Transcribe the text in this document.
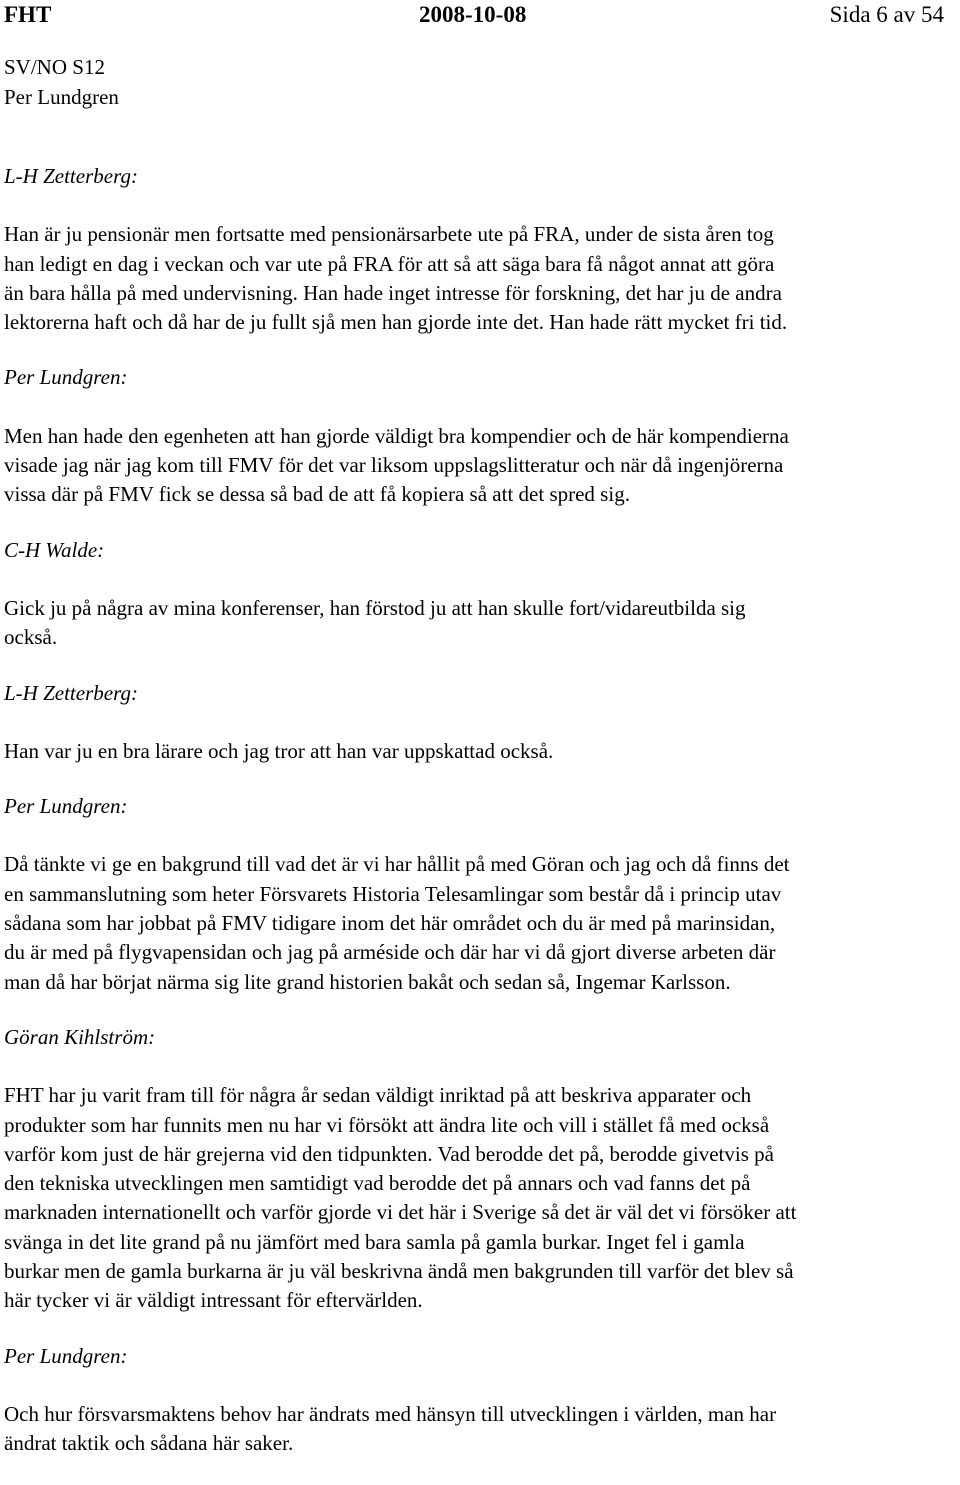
FHT	2008-10-08	Sida 6 av 54
SV/NO S12
Per Lundgren
L-H Zetterberg:
Han är ju pensionär men fortsatte med pensionärsarbete ute på FRA, under de sista åren tog
han ledigt en dag i veckan och var ute på FRA för att så att säga bara få något annat att göra
än bara hålla på med undervisning. Han hade inget intresse för forskning, det har ju de andra
lektorerna haft och då har de ju fullt sjå men han gjorde inte det. Han hade rätt mycket fri tid.
Per Lundgren:
Men han hade den egenheten att han gjorde väldigt bra kompendier och de här kompendierna
visade jag när jag kom till FMV för det var liksom uppslagslitteratur och när då ingenjörerna
vissa där på FMV fick se dessa så bad de att få kopiera så att det spred sig.
C-H Walde:
Gick ju på några av mina konferenser, han förstod ju att han skulle fort/vidareutbilda sig
också.
L-H Zetterberg:
Han var ju en bra lärare och jag tror att han var uppskattad också.
Per Lundgren:
Då tänkte vi ge en bakgrund till vad det är vi har hållit på med Göran och jag och då finns det
en sammanslutning som heter Försvarets Historia Telesamlingar som består då i princip utav
sådana som har jobbat på FMV tidigare inom det här området och du är med på marinsidan,
du är med på flygvapensidan och jag på arméside och där har vi då gjort diverse arbeten där
man då har börjat närma sig lite grand historien bakåt och sedan så, Ingemar Karlsson.
Göran Kihlström:
FHT har ju varit fram till för några år sedan väldigt inriktad på att beskriva apparater och
produkter som har funnits men nu har vi försökt att ändra lite och vill i stället få med också
varför kom just de här grejerna vid den tidpunkten. Vad berodde det på, berodde givetvis på
den tekniska utvecklingen men samtidigt vad berodde det på annars och vad fanns det på
marknaden internationellt och varför gjorde vi det här i Sverige så det är väl det vi försöker att
svänga in det lite grand på nu jämfört med bara samla på gamla burkar. Inget fel i gamla
burkar men de gamla burkarna är ju väl beskrivna ändå men bakgrunden till varför det blev så
här tycker vi är väldigt intressant för eftervärlden.
Per Lundgren:
Och hur försvarsmaktens behov har ändrats med hänsyn till utvecklingen i världen, man har
ändrat taktik och sådana här saker.
